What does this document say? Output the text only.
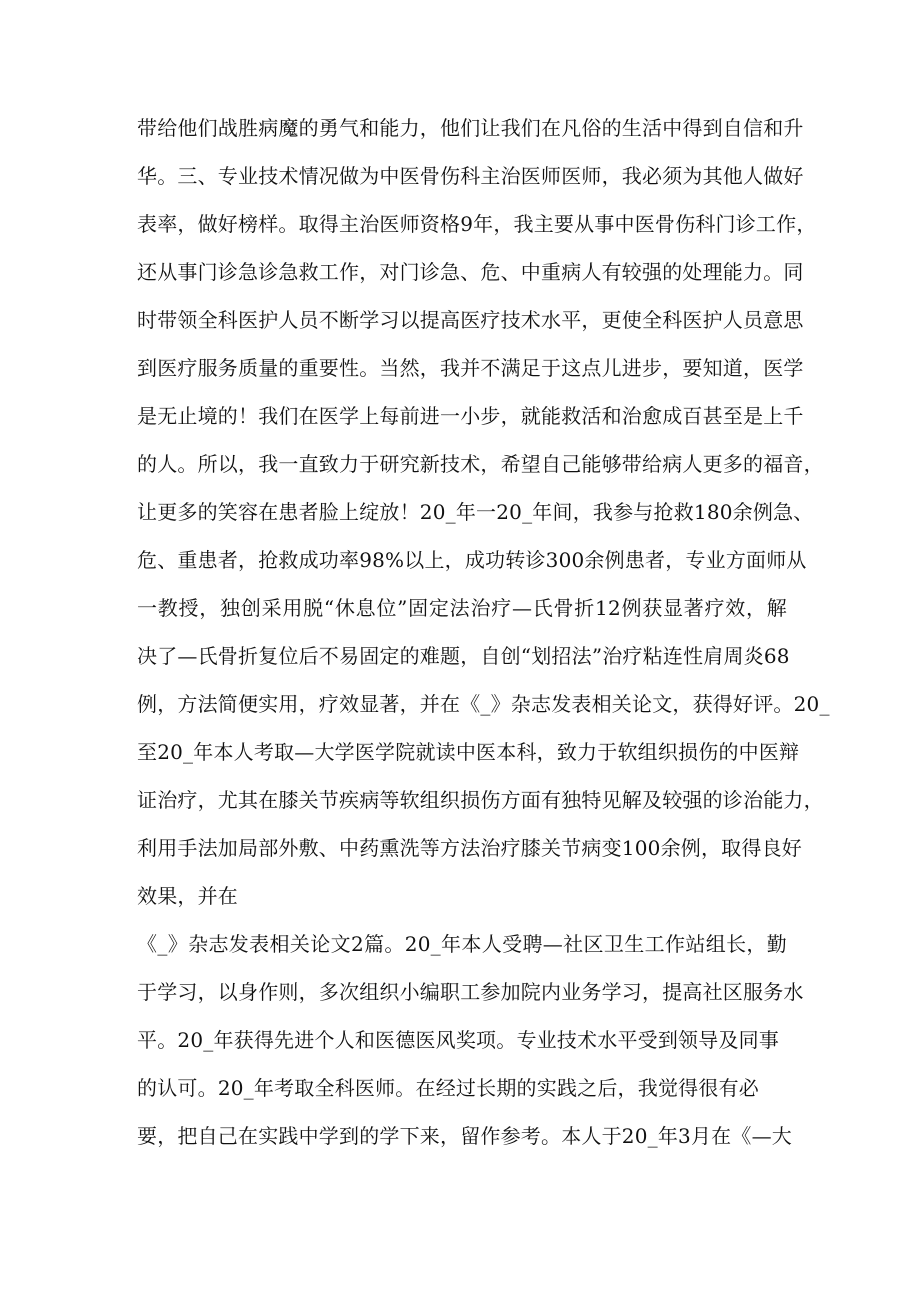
带给他们战胜病魔的勇气和能力，他们让我们在凡俗的生活中得到自信和升
华。三、专业技术情况做为中医骨伤科主治医师医师，我必须为其他人做好
表率，做好榜样。取得主治医师资格9年，我主要从事中医骨伤科门诊工作，
还从事门诊急诊急救工作，对门诊急、危、中重病人有较强的处理能力。同
时带领全科医护人员不断学习以提高医疗技术水平，更使全科医护人员意思
到医疗服务质量的重要性。当然，我并不满足于这点儿进步，要知道，医学
是无止境的！我们在医学上每前进一小步，就能救活和治愈成百甚至是上千
的人。所以，我一直致力于研究新技术，希望自己能够带给病人更多的福音，
让更多的笑容在患者脸上绽放！20_年一20_年间，我参与抢救180余例急、
危、重患者，抢救成功率98%以上，成功转诊300余例患者，专业方面师从
一教授，独创采用脱“休息位”固定法治疗—氏骨折12例获显著疗效，解
决了—氏骨折复位后不易固定的难题，自创“划招法”治疗粘连性肩周炎68
例，方法简便实用，疗效显著，并在《_》杂志发表相关论文，获得好评。20_
至20_年本人考取—大学医学院就读中医本科，致力于软组织损伤的中医辩
证治疗，尤其在膝关节疾病等软组织损伤方面有独特见解及较强的诊治能力，
利用手法加局部外敷、中药熏洗等方法治疗膝关节病变100余例，取得良好
效果，并在
《_》杂志发表相关论文2篇。20_年本人受聘—社区卫生工作站组长，勤
于学习，以身作则，多次组织小编职工参加院内业务学习，提高社区服务水
平。20_年获得先进个人和医德医风奖项。专业技术水平受到领导及同事
的认可。20_年考取全科医师。在经过长期的实践之后，我觉得很有必
要，把自己在实践中学到的学下来，留作参考。本人于20_年3月在《—大
